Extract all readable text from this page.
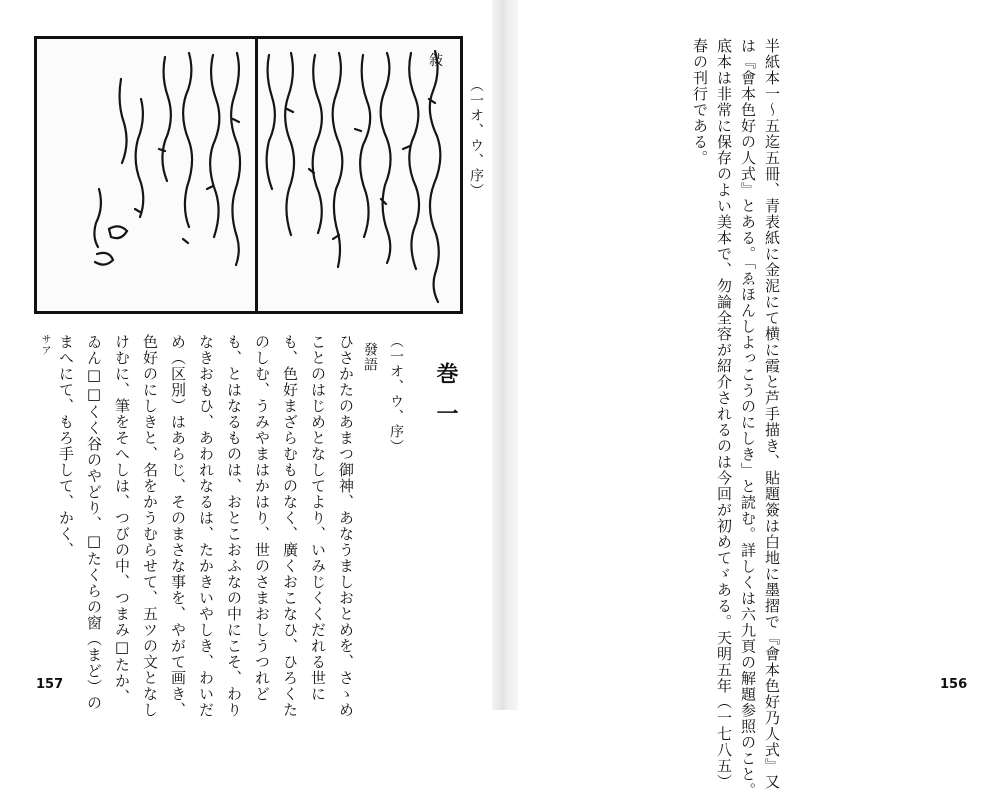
敍
（一オ、ウ、序）
巻一
（一オ、ウ、序）
發語
ひさかたのあまつ御神、あなうましおとめを、さゝめ
ことのはじめとなしてより、いみじくくだれる世に
も、色好まざらむものなく、廣くおこなひ、ひろくた
のしむ、うみやまはかはり、世のさまおしうつれど
も、とはなるものは、おとこおふなの中にこそ、わり
なきおもひ、あわれなるは、たかきいやしき、わいだ
め（区別）はあらじ、そのまさな事を、やがて画き、
色好のにしきと、名をかうむらせて、五ツの文となし
けむに、筆をそへしは、つびの中、つまみ□たか、
ゐん□□くく谷のやどり、□たくらの窗（まど）の
まへにて、もろ手して、かく、
サア
157	半紙本一〜五迄五冊、青表紙に金泥にて横に霞と芦手描き、貼題簽は白地に墨摺で『會本色好乃人式』又
は『會本色好の人式』とある。「ゑほんしよっこうのにしき」と読む。詳しくは六九頁の解題参照のこと。
底本は非常に保存のよい美本で、勿論全容が紹介されるのは今回が初めてゞある。天明五年（一七八五）
春の刊行である。
156
